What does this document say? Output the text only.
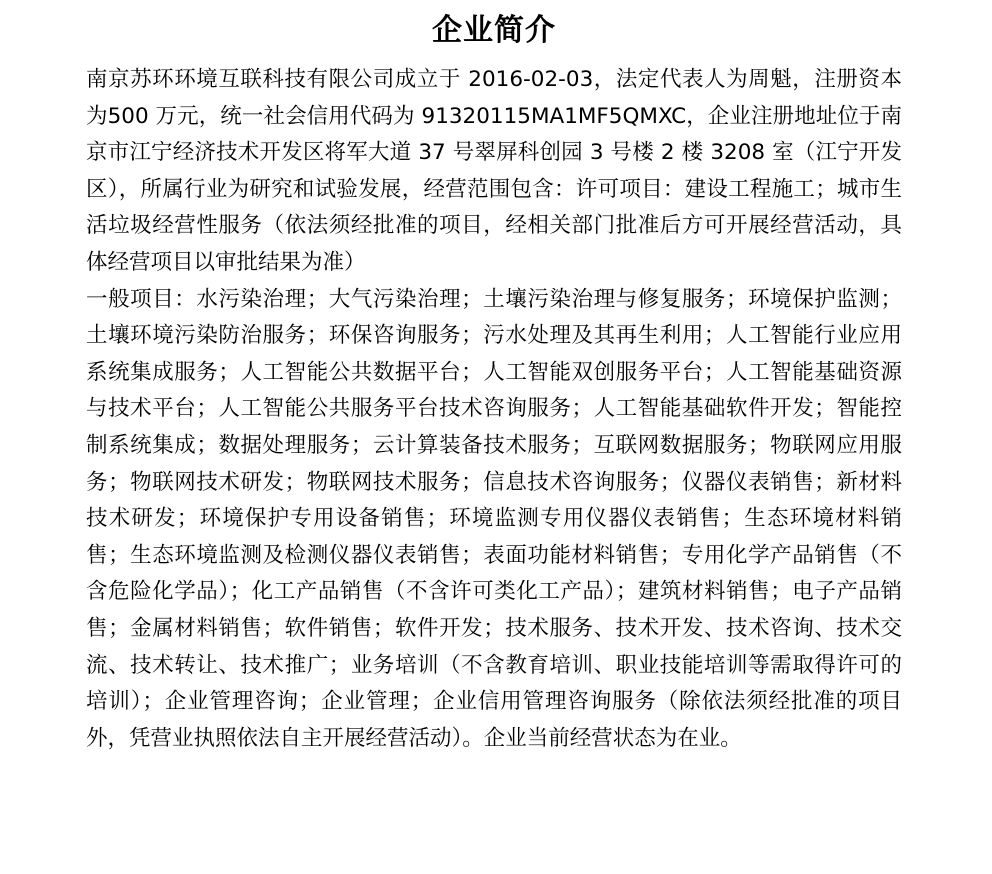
企业简介

南京苏环环境互联科技有限公司成立于 2016-02-03，法定代表人为周魁，注册资本为500 万元，统一社会信用代码为 91320115MA1MF5QMXC，企业注册地址位于南京市江宁经济技术开发区将军大道 37 号翠屏科创园 3 号楼 2 楼 3208 室（江宁开发区），所属行业为研究和试验发展，经营范围包含：许可项目：建设工程施工；城市生活垃圾经营性服务（依法须经批准的项目，经相关部门批准后方可开展经营活动，具体经营项目以审批结果为准）

一般项目：水污染治理；大气污染治理；土壤污染治理与修复服务；环境保护监测；土壤环境污染防治服务；环保咨询服务；污水处理及其再生利用；人工智能行业应用系统集成服务；人工智能公共数据平台；人工智能双创服务平台；人工智能基础资源与技术平台；人工智能公共服务平台技术咨询服务；人工智能基础软件开发；智能控制系统集成；数据处理服务；云计算装备技术服务；互联网数据服务；物联网应用服务；物联网技术研发；物联网技术服务；信息技术咨询服务；仪器仪表销售；新材料技术研发；环境保护专用设备销售；环境监测专用仪器仪表销售；生态环境材料销售；生态环境监测及检测仪器仪表销售；表面功能材料销售；专用化学产品销售（不含危险化学品）；化工产品销售（不含许可类化工产品）；建筑材料销售；电子产品销售；金属材料销售；软件销售；软件开发；技术服务、技术开发、技术咨询、技术交流、技术转让、技术推广；业务培训（不含教育培训、职业技能培训等需取得许可的培训）；企业管理咨询；企业管理；企业信用管理咨询服务（除依法须经批准的项目外，凭营业执照依法自主开展经营活动）。企业当前经营状态为在业。
